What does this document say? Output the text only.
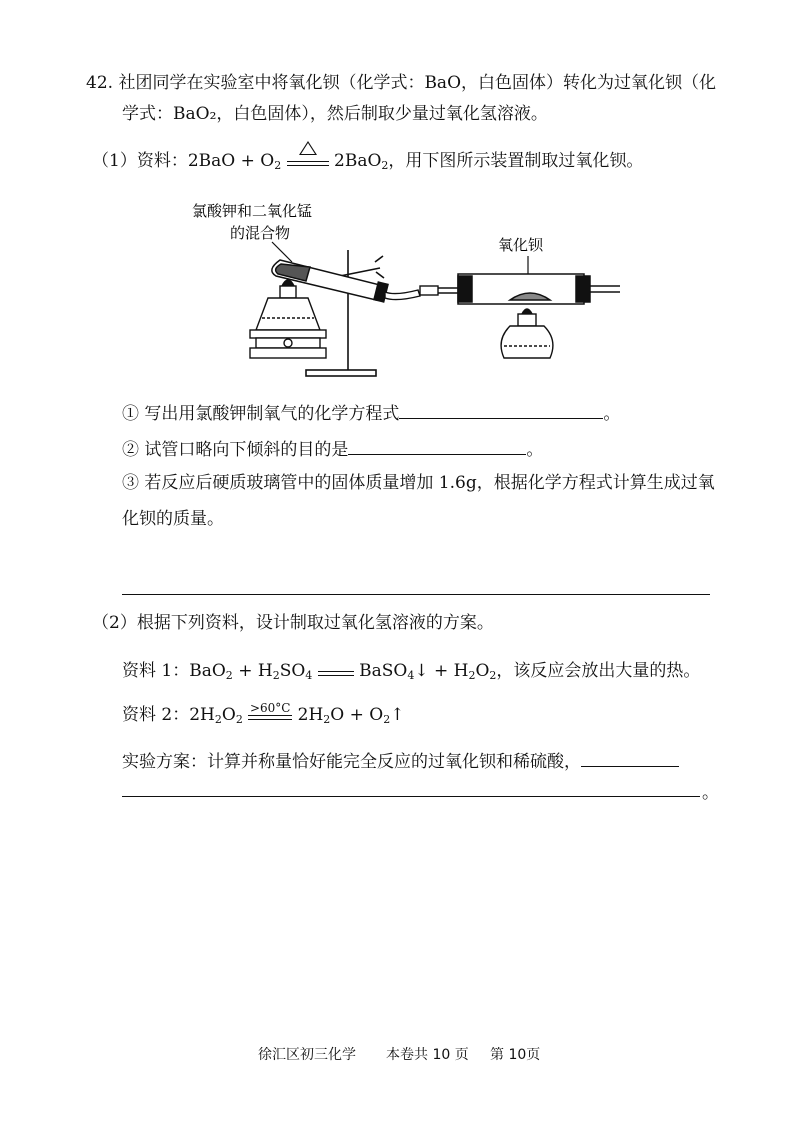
42. 社团同学在实验室中将氧化钡（化学式：BaO，白色固体）转化为过氧化钡（化
学式：BaO₂，白色固体），然后制取少量过氧化氢溶液。
（1）资料：$2BaO + O_2$	2BaO$_2$，用下图所示装置制取过氧化钡。
氯酸钾和二氧化锰
的混合物
氧化钡
① 写出用氯酸钾制氧气的化学方程式	。
② 试管口略向下倾斜的目的是	。
③ 若反应后硬质玻璃管中的固体质量增加 1.6g，根据化学方程式计算生成过氧
化钡的质量。
（2）根据下列资料，设计制取过氧化氢溶液的方案。
资料 1：$BaO_2 + H_2SO_4$	BaSO$_4$↓ + $H_2O_2$，该反应会放出大量的热。
资料 2：$2H_2O_2$
>60°C $2H_2O$ + $O_2↑$
实验方案：计算并称量恰好能完全反应的过氧化钡和稀硫酸，
。
徐汇区初三化学 本卷共 10 页 第 10页
